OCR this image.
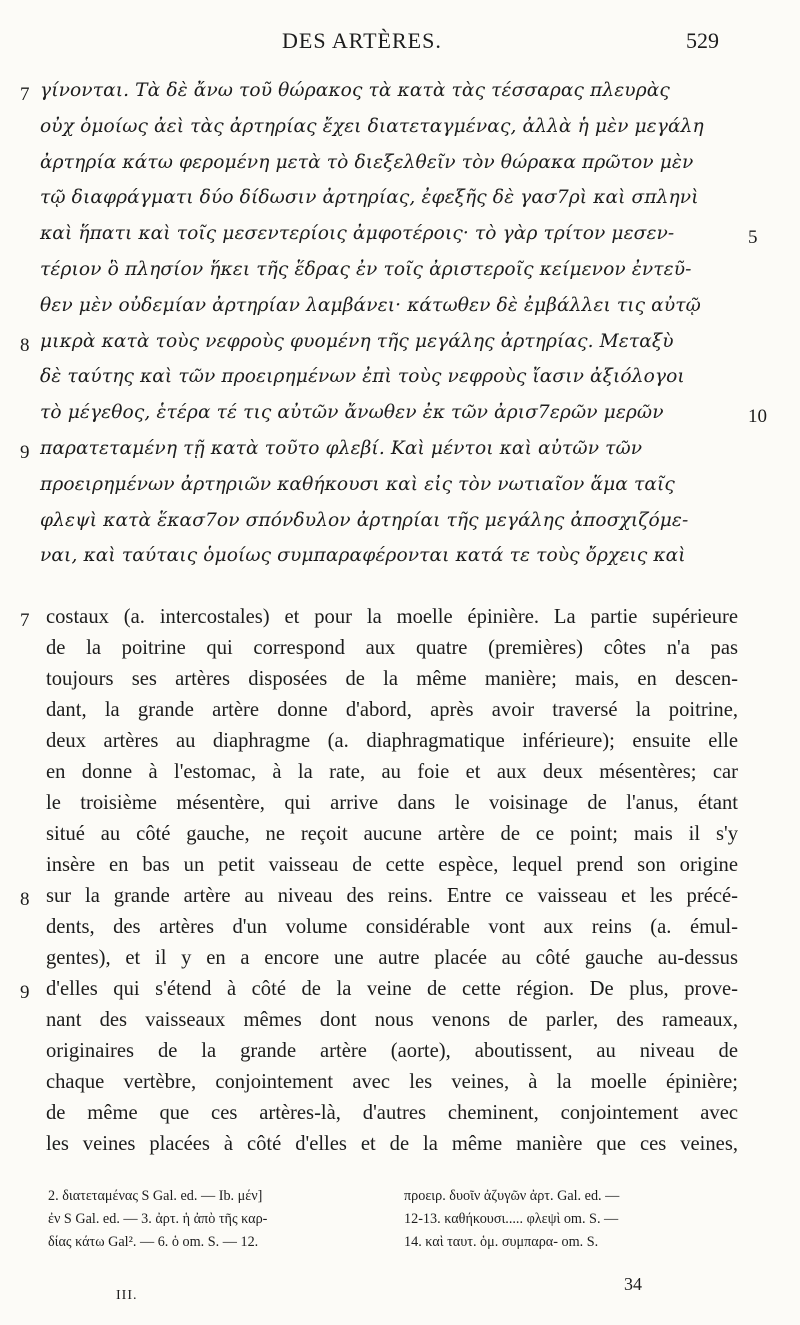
DES ARTÈRES.	529
γίνονται. Τὰ δὲ ἄνω τοῦ θώρακος τὰ κατὰ τὰς τέσσαρας πλευρὰς
οὐχ ὁμοίως ἀεὶ τὰς ἀρτηρίας ἔχει διατεταγμένας, ἀλλὰ ἡ μὲν μεγάλη
ἀρτηρία κάτω φερομένη μετὰ τὸ διεξελθεῖν τὸν θώρακα πρῶτον μὲν
τῷ διαφράγματι δύο δίδωσιν ἀρτηρίας, ἐφεξῆς δὲ γασ7ρὶ καὶ σπληνὶ
καὶ ἥπατι καὶ τοῖς μεσεντερίοις ἀμφοτέροις· τὸ γὰρ τρίτον μεσεν-
τέριον ὃ πλησίον ἥκει τῆς ἕδρας ἐν τοῖς ἀριστεροῖς κείμενον ἐντεῦ-
θεν μὲν οὐδεμίαν ἀρτηρίαν λαμβάνει· κάτωθεν δὲ ἐμβάλλει τις αὐτῷ
μικρὰ κατὰ τοὺς νεφροὺς φυομένη τῆς μεγάλης ἀρτηρίας. Μεταξὺ
δὲ ταύτης καὶ τῶν προειρημένων ἐπὶ τοὺς νεφροὺς ἴασιν ἀξιόλογοι
τὸ μέγεθος, ἑτέρα τέ τις αὐτῶν ἄνωθεν ἐκ τῶν ἀρισ7ερῶν μερῶν
παρατεταμένη τῇ κατὰ τοῦτο φλεβί. Καὶ μέντοι καὶ αὐτῶν τῶν
προειρημένων ἀρτηριῶν καθήκουσι καὶ εἰς τὸν νωτιαῖον ἅμα ταῖς
φλεψὶ κατὰ ἕκασ7ον σπόνδυλον ἀρτηρίαι τῆς μεγάλης ἀποσχιζόμε-
ναι, καὶ ταύταις ὁμοίως συμπαραφέρονται κατά τε τοὺς ὄρχεις καὶ
7
8
9
5
10
costaux (a. intercostales) et pour la moelle épinière. La partie supérieure
de la poitrine qui correspond aux quatre (premières) côtes n'a pas
toujours ses artères disposées de la même manière; mais, en descen-
dant, la grande artère donne d'abord, après avoir traversé la poitrine,
deux artères au diaphragme (a. diaphragmatique inférieure); ensuite elle
en donne à l'estomac, à la rate, au foie et aux deux mésentères; car
le troisième mésentère, qui arrive dans le voisinage de l'anus, étant
situé au côté gauche, ne reçoit aucune artère de ce point; mais il s'y
insère en bas un petit vaisseau de cette espèce, lequel prend son origine
sur la grande artère au niveau des reins. Entre ce vaisseau et les précé-
dents, des artères d'un volume considérable vont aux reins (a. émul-
gentes), et il y en a encore une autre placée au côté gauche au-dessus
d'elles qui s'étend à côté de la veine de cette région. De plus, prove-
nant des vaisseaux mêmes dont nous venons de parler, des rameaux,
originaires de la grande artère (aorte), aboutissent, au niveau de
chaque vertèbre, conjointement avec les veines, à la moelle épinière;
de même que ces artères-là, d'autres cheminent, conjointement avec
les veines placées à côté d'elles et de la même manière que ces veines,
7
8
9
2. διατεταμένας S Gal. ed. — Ib. μέν]
ἐν S Gal. ed. — 3. ἀρτ. ἡ ἀπὸ τῆς καρ-
δίας κάτω Gal². — 6. ὁ om. S. — 12.
προειρ. δυοῖν ἀζυγῶν ἀρτ. Gal. ed. —
12-13. καθήκουσι..... φλεψὶ om. S. —
14. καὶ ταυτ. ὁμ. συμπαρα- om. S.
III.
34
